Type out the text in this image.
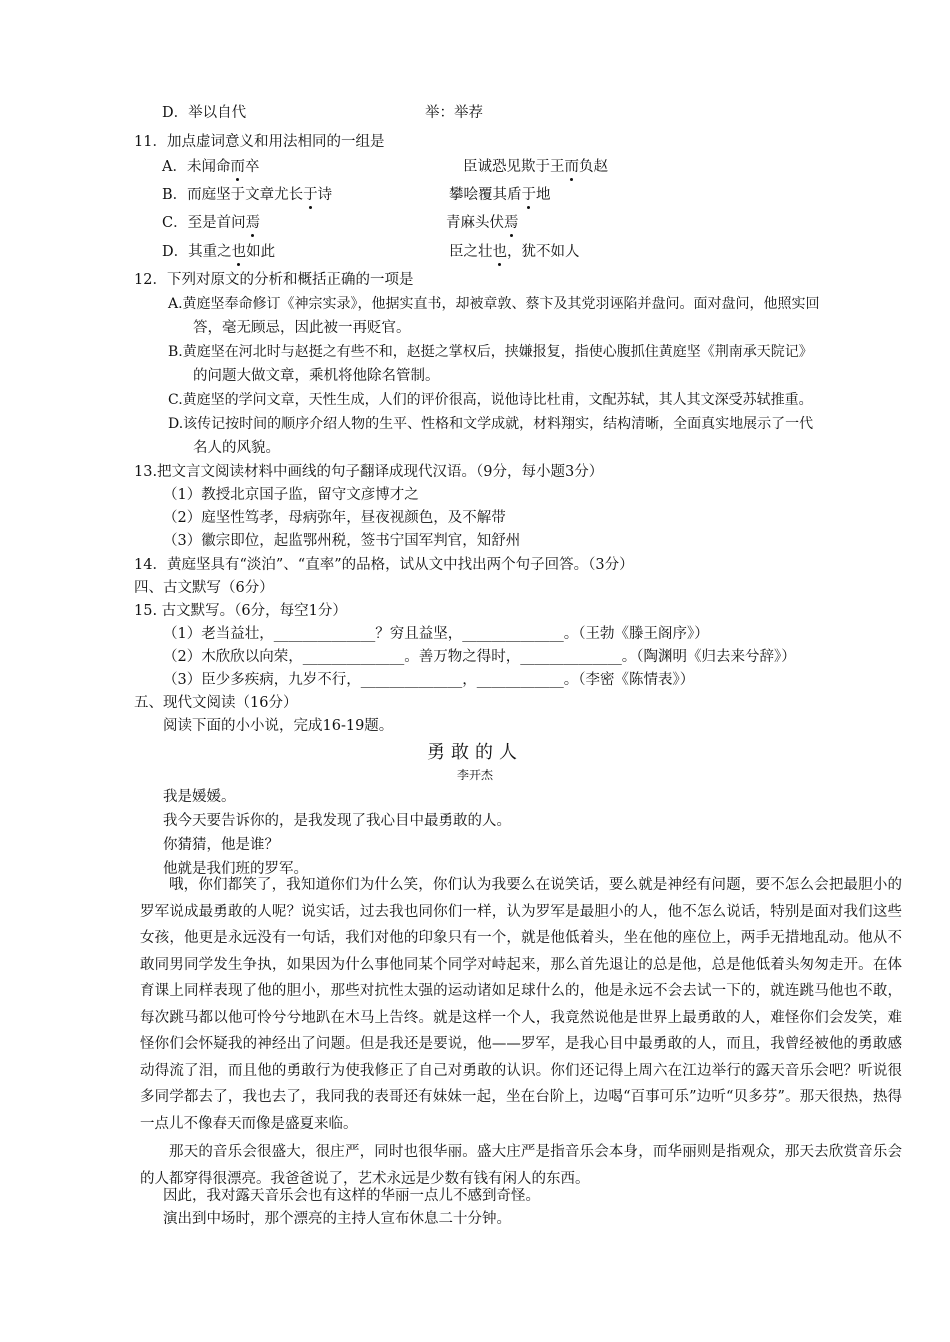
D．举以自代	举：举荐
11．加点虚词意义和用法相同的一组是
A．未闻命而卒	臣诚恐见欺于王而负赵
B．而庭坚于文章尤长于诗	攀哙覆其盾于地
C．至是首问焉	青麻头伏焉
D．其重之也如此	臣之壮也，犹不如人
12．下列对原文的分析和概括正确的一项是
A.黄庭坚奉命修订《神宗实录》，他据实直书，却被章敦、蔡卞及其党羽诬陷并盘问。面对盘问，他照实回
答，毫无顾忌，因此被一再贬官。
B.黄庭坚在河北时与赵挺之有些不和，赵挺之掌权后，挟嫌报复，指使心腹抓住黄庭坚《荆南承天院记》
的问题大做文章，乘机将他除名管制。
C.黄庭坚的学问文章，天性生成，人们的评价很高，说他诗比杜甫，文配苏轼，其人其文深受苏轼推重。
D.该传记按时间的顺序介绍人物的生平、性格和文学成就，材料翔实，结构清晰，全面真实地展示了一代
名人的风貌。
13.把文言文阅读材料中画线的句子翻译成现代汉语。（9分，每小题3分）
（1）教授北京国子监，留守文彦博才之
（2）庭坚性笃孝，母病弥年，昼夜视颜色，及不解带
（3）徽宗即位，起监鄂州税，签书宁国军判官，知舒州
14．黄庭坚具有“淡泊”、“直率”的品格，试从文中找出两个句子回答。（3分）
四、古文默写（6分）
15. 古文默写。（6分，每空1分）
（1）老当益壮，______________？穷且益坚，______________。（王勃《滕王阁序》）
（2）木欣欣以向荣，______________。善万物之得时，______________。（陶渊明《归去来兮辞》）
（3）臣少多疾病，九岁不行，______________，____________。（李密《陈情表》）
五、现代文阅读（16分）
阅读下面的小小说，完成16-19题。
勇敢的人
李开杰
我是媛媛。
我今天要告诉你的，是我发现了我心目中最勇敢的人。
你猜猜，他是谁？
他就是我们班的罗军。
哦，你们都笑了，我知道你们为什么笑，你们认为我要么在说笑话，要么就是神经有问题，要不怎么会把最胆小的罗军说成最勇敢的人呢？说实话，过去我也同你们一样，认为罗军是最胆小的人，他不怎么说话，特别是面对我们这些女孩，他更是永远没有一句话，我们对他的印象只有一个，就是他低着头，坐在他的座位上，两手无措地乱动。他从不敢同男同学发生争执，如果因为什么事他同某个同学对峙起来，那么首先退让的总是他，总是他低着头匆匆走开。在体育课上同样表现了他的胆小，那些对抗性太强的运动诸如足球什么的，他是永远不会去试一下的，就连跳马他也不敢，每次跳马都以他可怜兮兮地趴在木马上告终。就是这样一个人，我竟然说他是世界上最勇敢的人，难怪你们会发笑，难怪你们会怀疑我的神经出了问题。但是我还是要说，他——罗军，是我心目中最勇敢的人，而且，我曾经被他的勇敢感动得流了泪，而且他的勇敢行为使我修正了自己对勇敢的认识。你们还记得上周六在江边举行的露天音乐会吧？听说很多同学都去了，我也去了，我同我的表哥还有妹妹一起，坐在台阶上，边喝“百事可乐”边听“贝多芬”。那天很热，热得一点儿不像春天而像是盛夏来临。
那天的音乐会很盛大，很庄严，同时也很华丽。盛大庄严是指音乐会本身，而华丽则是指观众，那天去欣赏音乐会的人都穿得很漂亮。我爸爸说了，艺术永远是少数有钱有闲人的东西。
因此，我对露天音乐会也有这样的华丽一点儿不感到奇怪。
演出到中场时，那个漂亮的主持人宣布休息二十分钟。
